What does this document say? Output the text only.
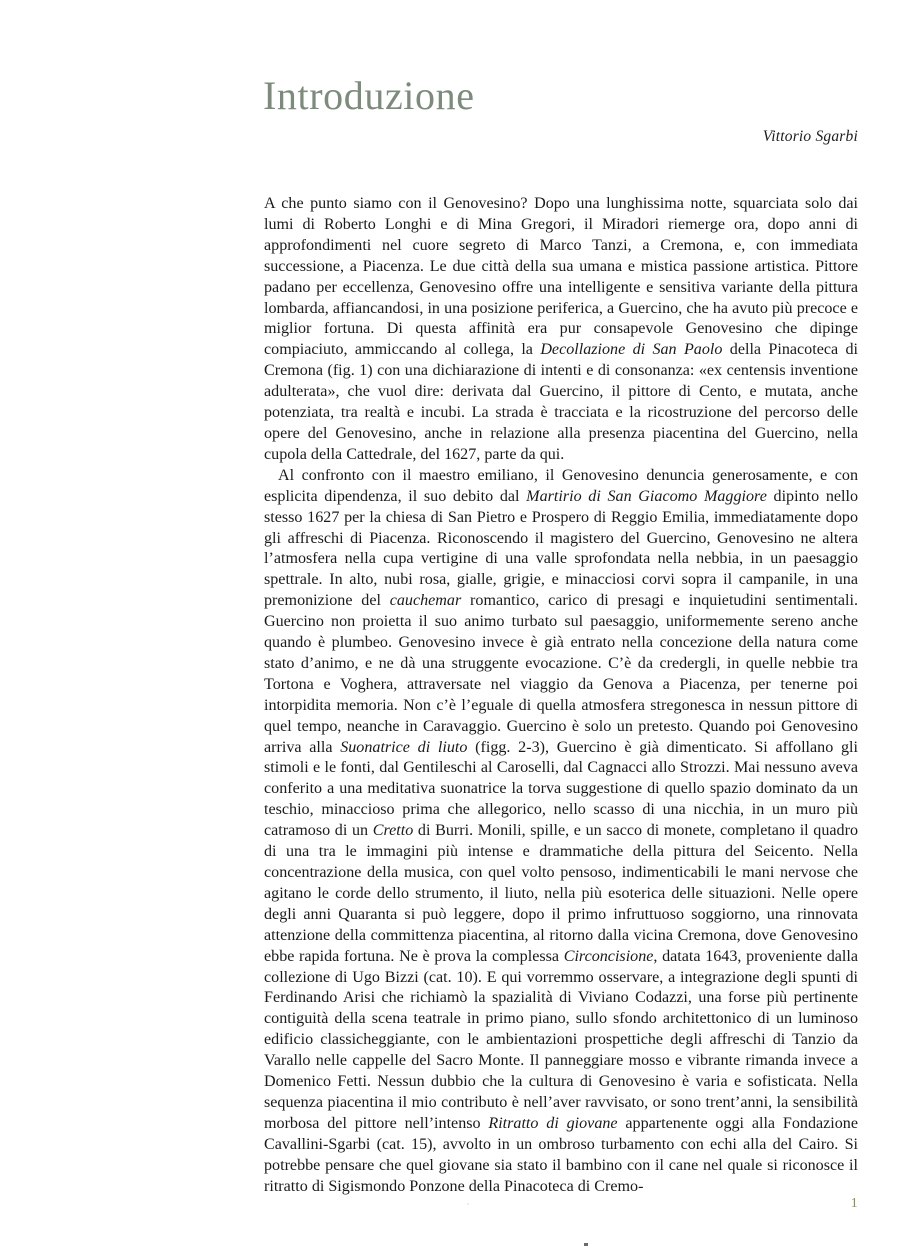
Introduzione
Vittorio Sgarbi

A che punto siamo con il Genovesino? Dopo una lunghissima notte, squarciata solo dai lumi di Roberto Longhi e di Mina Gregori, il Miradori riemerge ora, dopo anni di approfondimenti nel cuore segreto di Marco Tanzi, a Cremona, e, con immediata successione, a Piacenza. Le due città della sua umana e mistica passione artistica. Pittore padano per eccellenza, Genovesino offre una intelligente e sensitiva variante della pittura lombarda, affiancandosi, in una posizione periferica, a Guercino, che ha avuto più precoce e miglior fortuna. Di questa affinità era pur consapevole Genovesino che dipinge compiaciuto, ammiccando al collega, la Decollazione di San Paolo della Pinacoteca di Cremona (fig. 1) con una dichiarazione di intenti e di consonanza: «ex centensis inventione adulterata», che vuol dire: derivata dal Guercino, il pittore di Cento, e mutata, anche potenziata, tra realtà e incubi. La strada è tracciata e la ricostruzione del percorso delle opere del Genovesino, anche in relazione alla presenza piacentina del Guercino, nella cupola della Cattedrale, del 1627, parte da qui.

Al confronto con il maestro emiliano, il Genovesino denuncia generosamente, e con esplicita dipendenza, il suo debito dal Martirio di San Giacomo Maggiore dipinto nello stesso 1627 per la chiesa di San Pietro e Prospero di Reggio Emilia, immediatamente dopo gli affreschi di Piacenza. Riconoscendo il magistero del Guercino, Genovesino ne altera l’atmosfera nella cupa vertigine di una valle sprofondata nella nebbia, in un paesaggio spettrale. In alto, nubi rosa, gialle, grigie, e minacciosi corvi sopra il campanile, in una premonizione del cauchemar romantico, carico di presagi e inquietudini sentimentali. Guercino non proietta il suo animo turbato sul paesaggio, uniformemente sereno anche quando è plumbeo. Genovesino invece è già entrato nella concezione della natura come stato d’animo, e ne dà una struggente evocazione. C’è da credergli, in quelle nebbie tra Tortona e Voghera, attraversate nel viaggio da Genova a Piacenza, per tenerne poi intorpidita memoria. Non c’è l’eguale di quella atmosfera stregonesca in nessun pittore di quel tempo, neanche in Caravaggio. Guercino è solo un pretesto. Quando poi Genovesino arriva alla Suonatrice di liuto (figg. 2-3), Guercino è già dimenticato. Si affollano gli stimoli e le fonti, dal Gentileschi al Caroselli, dal Cagnacci allo Strozzi. Mai nessuno aveva conferito a una meditativa suonatrice la torva suggestione di quello spazio dominato da un teschio, minaccioso prima che allegorico, nello scasso di una nicchia, in un muro più catramoso di un Cretto di Burri. Monili, spille, e un sacco di monete, completano il quadro di una tra le immagini più intense e drammatiche della pittura del Seicento. Nella concentrazione della musica, con quel volto pensoso, indimenticabili le mani nervose che agitano le corde dello strumento, il liuto, nella più esoterica delle situazioni. Nelle opere degli anni Quaranta si può leggere, dopo il primo infruttuoso soggiorno, una rinnovata attenzione della committenza piacentina, al ritorno dalla vicina Cremona, dove Genovesino ebbe rapida fortuna. Ne è prova la complessa Circoncisione, datata 1643, proveniente dalla collezione di Ugo Bizzi (cat. 10). E qui vorremmo osservare, a integrazione degli spunti di Ferdinando Arisi che richiamò la spazialità di Viviano Codazzi, una forse più pertinente contiguità della scena teatrale in primo piano, sullo sfondo architettonico di un luminoso edificio classicheggiante, con le ambientazioni prospettiche degli affreschi di Tanzio da Varallo nelle cappelle del Sacro Monte. Il panneggiare mosso e vibrante rimanda invece a Domenico Fetti. Nessun dubbio che la cultura di Genovesino è varia e sofisticata. Nella sequenza piacentina il mio contributo è nell’aver ravvisato, or sono trent’anni, la sensibilità morbosa del pittore nell’intenso Ritratto di giovane appartenente oggi alla Fondazione Cavallini-Sgarbi (cat. 15), avvolto in un ombroso turbamento con echi alla del Cairo. Si potrebbe pensare che quel giovane sia stato il bambino con il cane nel quale si riconosce il ritratto di Sigismondo Ponzone della Pinacoteca di Cremo-

1
